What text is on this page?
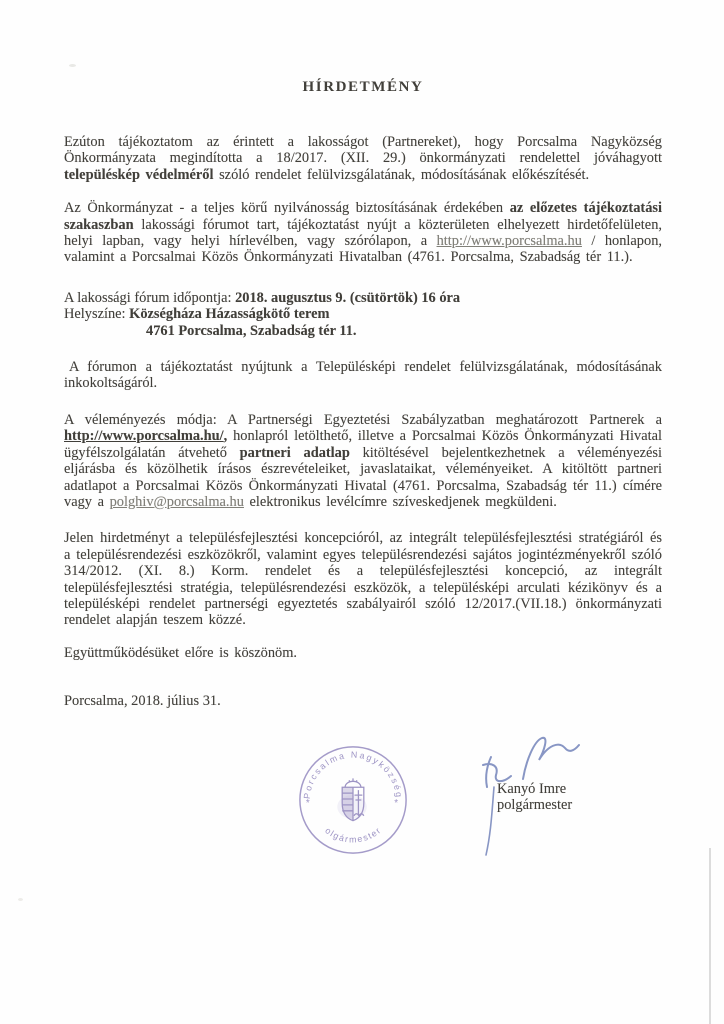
HÍRDETMÉNY

Ezúton tájékoztatom az érintett a lakosságot (Partnereket), hogy Porcsalma Nagyközség Önkormányzata megindította a 18/2017. (XII. 29.) önkormányzati rendelettel jóváhagyott településkép védelméről szóló rendelet felülvizsgálatának, módosításának előkészítését.

Az Önkormányzat - a teljes körű nyilvánosság biztosításának érdekében az előzetes tájékoztatási szakaszban lakossági fórumot tart, tájékoztatást nyújt a közterületen elhelyezett hirdetőfelületen, helyi lapban, vagy helyi hírlevélben, vagy szórólapon, a http://www.porcsalma.hu / honlapon, valamint a Porcsalmai Közös Önkormányzati Hivatalban (4761. Porcsalma, Szabadság tér 11.).

A lakossági fórum időpontja: 2018. augusztus 9. (csütörtök) 16 óra
Helyszíne: Községháza Házasságkötő terem
4761 Porcsalma, Szabadság tér 11.

A fórumon a tájékoztatást nyújtunk a Településképi rendelet felülvizsgálatának, módosításának inkokoltságáról.

A véleményezés módja: A Partnerségi Egyeztetési Szabályzatban meghatározott Partnerek a http://www.porcsalma.hu/, honlapról letölthető, illetve a Porcsalmai Közös Önkormányzati Hivatal ügyfélszolgálatán átvehető partneri adatlap kitöltésével bejelentkezhetnek a véleményezési eljárásba és közölhetik írásos észrevételeiket, javaslataikat, véleményeiket. A kitöltött partneri adatlapot a Porcsalmai Közös Önkormányzati Hivatal (4761. Porcsalma, Szabadság tér 11.) címére vagy a polghiv@porcsalma.hu elektronikus levélcímre szíveskedjenek megküldeni.

Jelen hirdetményt a településfejlesztési koncepcióról, az integrált településfejlesztési stratégiáról és a településrendezési eszközökről, valamint egyes településrendezési sajátos jogintézményekről szóló 314/2012. (XI. 8.) Korm. rendelet és a településfejlesztési koncepció, az integrált településfejlesztési stratégia, településrendezési eszközök, a településképi arculati kézikönyv és a településképi rendelet partnerségi egyeztetés szabályairól szóló 12/2017.(VII.18.) önkormányzati rendelet alapján teszem közzé.

Együttműködésüket előre is köszönöm.

Porcsalma, 2018. július 31.
Porcsalma Nagyközség
Polgármestere
*	*
Kanyó Imre
polgármester
